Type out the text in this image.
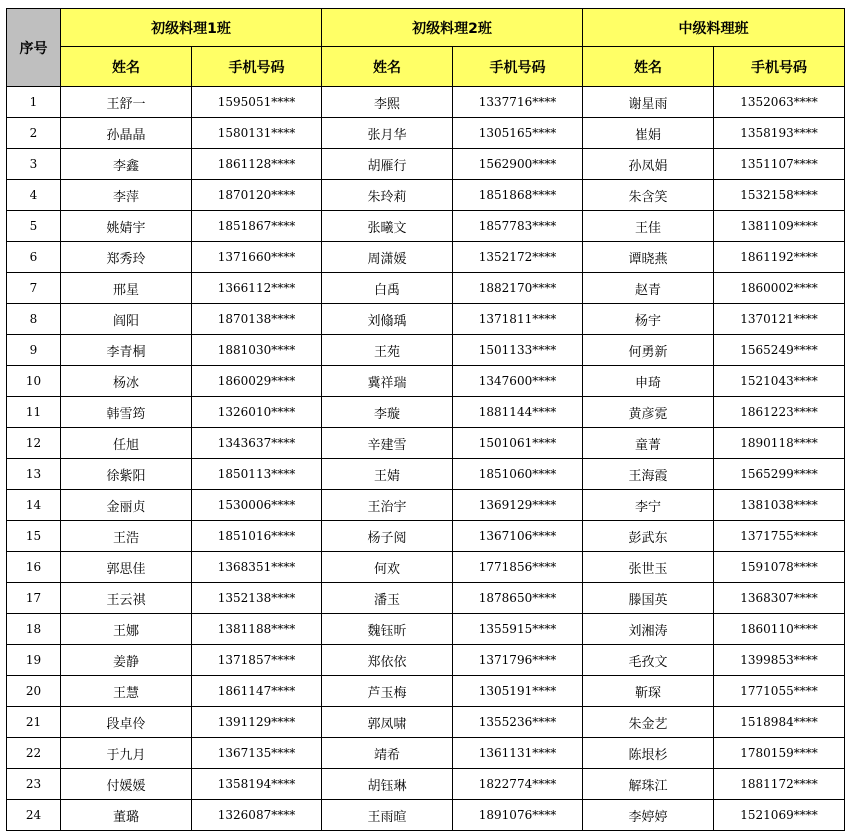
序号	初级料理1班		初级料理2班		中级料理班	
	姓名	手机号码	姓名	手机号码	姓名	手机号码
1	王舒一	1595051****	李熙	1337716****	谢星雨	1352063****
2	孙晶晶	1580131****	张月华	1305165****	崔娟	1358193****
3	李鑫	1861128****	胡雁行	1562900****	孙凤娟	1351107****
4	李萍	1870120****	朱玲莉	1851868****	朱含笑	1532158****
5	姚婧宇	1851867****	张曦文	1857783****	王佳	1381109****
6	郑秀玲	1371660****	周潇媛	1352172****	谭晓燕	1861192****
7	邢星	1366112****	白禹	1882170****	赵青	1860002****
8	阎阳	1870138****	刘翛瑀	1371811****	杨宇	1370121****
9	李青桐	1881030****	王苑	1501133****	何勇新	1565249****
10	杨冰	1860029****	冀祥瑞	1347600****	申琦	1521043****
11	韩雪筠	1326010****	李璇	1881144****	黄彦霓	1861223****
12	任旭	1343637****	辛建雪	1501061****	童菁	1890118****
13	徐紫阳	1850113****	王婧	1851060****	王海霞	1565299****
14	金丽贞	1530006****	王治宇	1369129****	李宁	1381038****
15	王浩	1851016****	杨子阅	1367106****	彭武东	1371755****
16	郭思佳	1368351****	何欢	1771856****	张世玉	1591078****
17	王云祺	1352138****	潘玉	1878650****	滕国英	1368307****
18	王娜	1381188****	魏钰昕	1355915****	刘湘涛	1860110****
19	姜静	1371857****	郑依依	1371796****	毛孜文	1399853****
20	王慧	1861147****	芦玉梅	1305191****	靳琛	1771055****
21	段卓伶	1391129****	郭凤啸	1355236****	朱金艺	1518984****
22	于九月	1367135****	靖希	1361131****	陈垠杉	1780159****
23	付媛媛	1358194****	胡钰琳	1822774****	解珠江	1881172****
24	董璐	1326087****	王雨暄	1891076****	李婷婷	1521069****
